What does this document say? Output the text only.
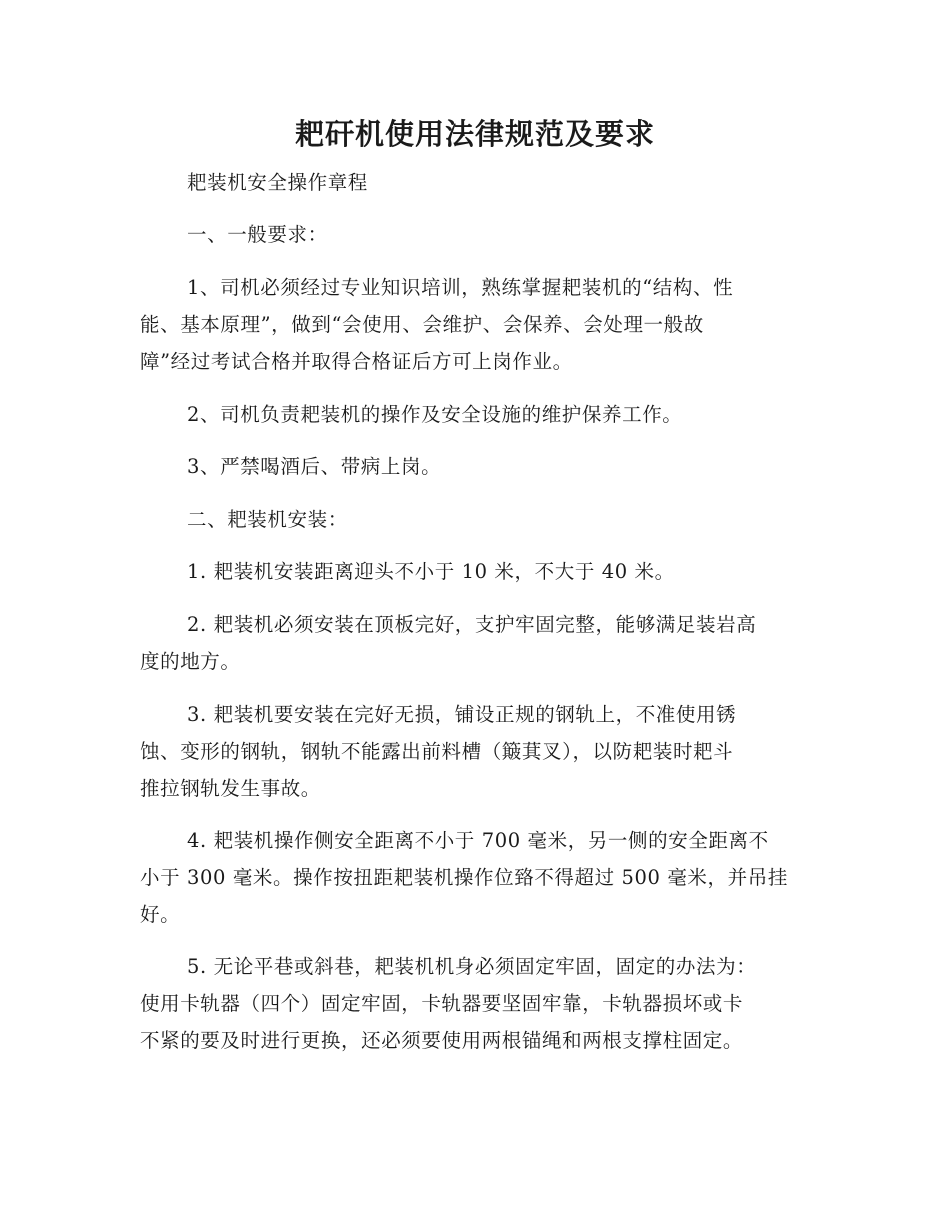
耙矸机使用法律规范及要求
耙装机安全操作章程
一、一般要求：
1、司机必须经过专业知识培训，熟练掌握耙装机的“结构、性
能、基本原理”，做到“会使用、会维护、会保养、会处理一般故
障”经过考试合格并取得合格证后方可上岗作业。
2、司机负责耙装机的操作及安全设施的维护保养工作。
3、严禁喝酒后、带病上岗。
二、耙装机安装：
1. 耙装机安装距离迎头不小于 10 米，不大于 40 米。
2. 耙装机必须安装在顶板完好，支护牢固完整，能够满足装岩高
度的地方。
3. 耙装机要安装在完好无损，铺设正规的钢轨上，不准使用锈
蚀、变形的钢轨，钢轨不能露出前料槽（簸萁叉），以防耙装时耙斗
推拉钢轨发生事故。
4. 耙装机操作侧安全距离不小于 700 毫米，另一侧的安全距离不
小于 300 毫米。操作按扭距耙装机操作位臵不得超过 500 毫米，并吊挂
好。
5. 无论平巷或斜巷，耙装机机身必须固定牢固，固定的办法为：
使用卡轨器（四个）固定牢固，卡轨器要坚固牢靠，卡轨器损坏或卡
不紧的要及时进行更换，还必须要使用两根锚绳和两根支撑柱固定。
